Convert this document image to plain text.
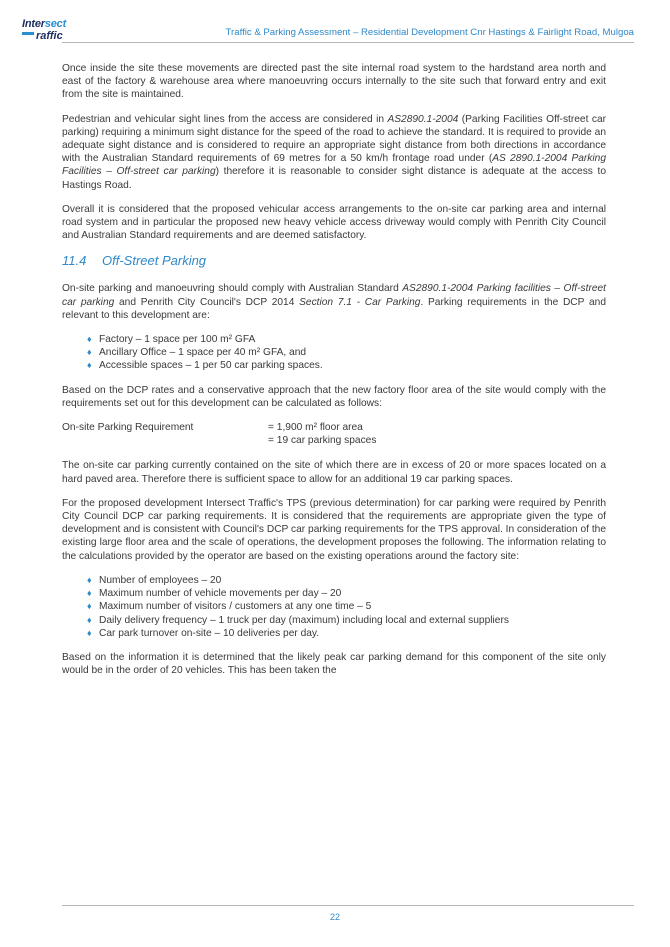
Intersect
raffic	Traffic & Parking Assessment – Residential Development Cnr Hastings & Fairlight Road, Mulgoa

Once inside the site these movements are directed past the site internal road system to the hardstand area north and east of the factory & warehouse area where manoeuvring occurs internally to the site such that forward entry and exit from the site is maintained.

Pedestrian and vehicular sight lines from the access are considered in AS2890.1-2004 (Parking Facilities Off-street car parking) requiring a minimum sight distance for the speed of the road to achieve the standard. It is required to provide an adequate sight distance and is considered to require an appropriate sight distance from both directions in accordance with the Australian Standard requirements of 69 metres for a 50 km/h frontage road under (AS 2890.1-2004 Parking Facilities – Off-street car parking) therefore it is reasonable to consider sight distance is adequate at the access to Hastings Road.

Overall it is considered that the proposed vehicular access arrangements to the on-site car parking area and internal road system and in particular the proposed new heavy vehicle access driveway would comply with Penrith City Council and Australian Standard requirements and are deemed satisfactory.

11.4 Off-Street Parking

On-site parking and manoeuvring should comply with Australian Standard AS2890.1-2004 Parking facilities – Off-street car parking and Penrith City Council's DCP 2014 Section 7.1 - Car Parking. Parking requirements in the DCP and relevant to this development are:

♦ Factory – 1 space per 100 m² GFA
♦ Ancillary Office – 1 space per 40 m² GFA, and
♦ Accessible spaces – 1 per 50 car parking spaces.

Based on the DCP rates and a conservative approach that the new factory floor area of the site would comply with the requirements set out for this development can be calculated as follows:

On-site Parking Requirement	= 1,900 m² floor area
= 19 car parking spaces

The on-site car parking currently contained on the site of which there are in excess of 20 or more spaces located on a hard paved area. Therefore there is sufficient space to allow for an additional 19 car parking spaces.

For the proposed development Intersect Traffic's TPS (previous determination) for car parking were required by Penrith City Council DCP car parking requirements. It is considered that the requirements are appropriate given the type of development and is consistent with Council's DCP car parking requirements for the TPS approval. In consideration of the existing large floor area and the scale of operations, the development proposes the following. The information relating to the calculations provided by the operator are based on the existing operations around the factory site:

♦ Number of employees – 20
♦ Maximum number of vehicle movements per day – 20
♦ Maximum number of visitors / customers at any one time – 5
♦ Daily delivery frequency – 1 truck per day (maximum) including local and external suppliers
♦ Car park turnover on-site – 10 deliveries per day.

Based on the information it is determined that the likely peak car parking demand for this component of the site only would be in the order of 20 vehicles. This has been taken the

22
